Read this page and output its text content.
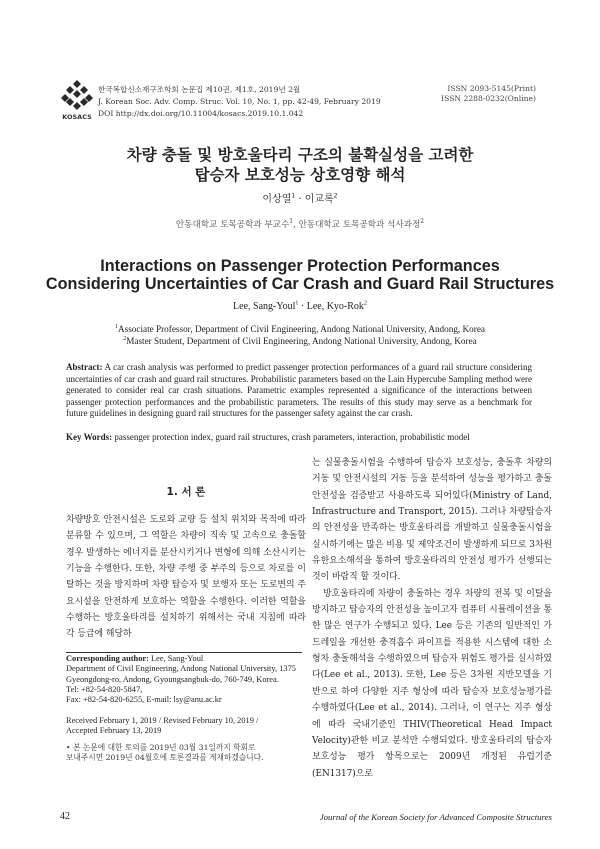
KOSACS
한국복합신소재구조학회 논문집 제10권, 제1호, 2019년 2월
J. Korean Soc. Adv. Comp. Struc. Vol. 10, No. 1, pp. 42-49, February 2019
DOI http://dx.doi.org/10.11004/kosacs.2019.10.1.042
ISSN 2093-5145(Print)
ISSN 2288-0232(Online)
차량 충돌 및 방호울타리 구조의 불확실성을 고려한
탑승자 보호성능 상호영향 해석
이상열$^1$ · 이교록$^2$
안동대학교 토목공학과 부교수$^1$, 안동대학교 토목공학과 석사과정$^2$
Interactions on Passenger Protection Performances
Considering Uncertainties of Car Crash and Guard Rail Structures
Lee, Sang-Youl$^1$ · Lee, Kyo-Rok$^2$
$^1$Associate Professor, Department of Civil Engineering, Andong National University, Andong, Korea
$^2$Master Student, Department of Civil Engineering, Andong National University, Andong, Korea
Abstract: A car crash analysis was performed to predict passenger protection performances of a guard rail structure considering uncertainties of car crash and guard rail structures. Probabilistic parameters based on the Lain Hypercube Sampling method were generated to consider real car crash situations. Parametric examples represented a significance of the interactions between passenger protection performances and the probabilistic parameters. The results of this study may serve as a benchmark for future guidelines in designing guard rail structures for the passenger safety against the car crash.
Key Words: passenger protection index, guard rail structures, crash parameters, interaction, probabilistic model
1. 서 론

차량방호 안전시설은 도로와 교량 등 설치 위치와 목적에 따라 분류할 수 있으며, 그 역할은 차량이 직속 및 고속으로 충돌할 경우 발생하는 에너지를 분산시키거나 변형에 의해 소산시키는 기능을 수행한다. 또한, 차량 주행 중 부주의 등으로 차로를 이탈하는 것을 방지하며 차량 탑승자 및 보행자 또는 도로변의 주요시설을 안전하게 보호하는 역할을 수행한다. 이러한 역할을 수행하는 방호울타리를 설치하기 위해서는 국내 지침에 따라 각 등급에 해당하

Corresponding author: Lee, Sang-Youl
Department of Civil Engineering, Andong National University, 1375 Gyeongdong-ro, Andong, Gyoungsangbuk-do, 760-749, Korea.
Tel: +82-54-820-5847,
Fax: +82-54-820-6255, E-mail: lsy@anu.ac.kr
Received February 1, 2019 / Revised February 10, 2019 /
Accepted February 13, 2019
• 본 논문에 대한 토의를 2019년 03월 31일까지 학회로
보내주시면 2019년 04월호에 토론결과를 게재하겠습니다.

는 실물충돌시험을 수행하여 탑승자 보호성능, 충돌후 차량의 거동 및 안전시설의 거동 등을 분석하여 성능을 평가하고 충돌안전성을 검증받고 사용하도록 되어있다(Ministry of Land, Infrastructure and Transport, 2015). 그러나 차량탑승자의 안전성을 만족하는 방호울타리를 개발하고 실물충돌시험을 실시하기에는 많은 비용 및 제약조건이 발생하게 되므로 3차원 유한요소해석을 통하여 방호울타리의 안전성 평가가 선행되는 것이 바람직 할 것이다.

방호울타리에 차량이 충돌하는 경우 차량의 전복 및 이탈을 방지하고 탑승자의 안전성을 높이고자 컴퓨터 시뮬레이션을 통한 많은 연구가 수행되고 있다. Lee 등은 기존의 일반적인 가드레일을 개선한 충격흡수 파이프를 적용한 시스템에 대한 소형차 충돌해석을 수행하였으며 탑승자 위험도 평가를 실시하였다(Lee et al., 2013). 또한, Lee 등은 3차원 지반모델을 기반으로 하여 다양한 지주 형상에 따라 탑승자 보호성능평가를 수행하였다(Lee et al., 2014). 그러나, 이 연구는 지주 형상에 따라 국내기준인 THIV(Theoretical Head Impact Velocity)관한 비교 분석만 수행되었다. 방호울타리의 탑승자 보호성능 평가 항목으로는 2009년 개정된 유럽기준(EN1317)으로

42	Journal of the Korean Society for Advanced Composite Structures
